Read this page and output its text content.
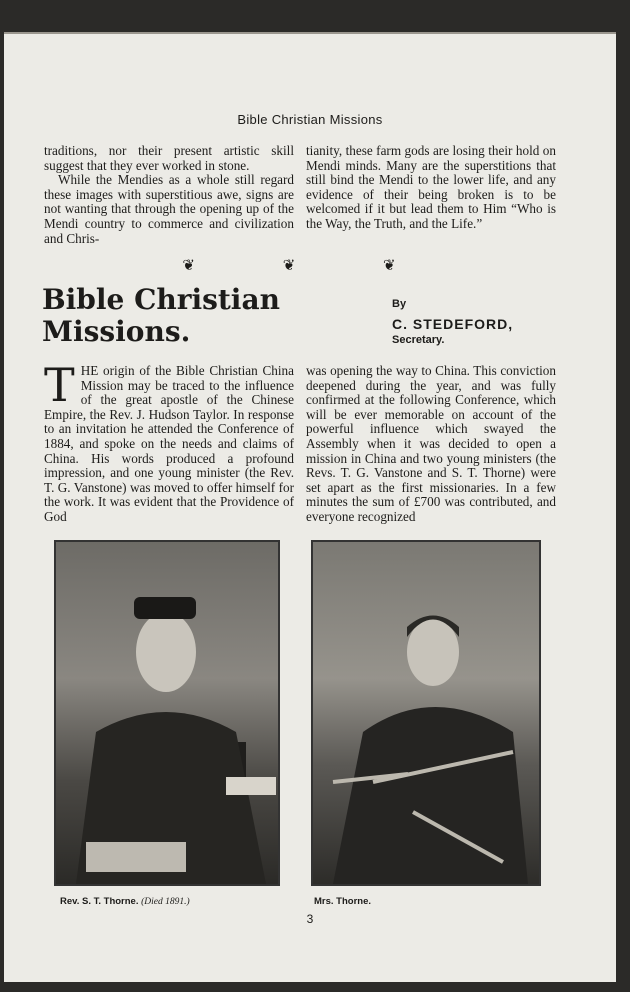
Bible Christian Missions

traditions, nor their present artistic skill suggest that they ever worked in stone.

While the Mendies as a whole still regard these images with superstitious awe, signs are not wanting that through the opening up of the Mendi country to commerce and civilization and Chris-

tianity, these farm gods are losing their hold on Mendi minds. Many are the superstitions that still bind the Mendi to the lower life, and any evidence of their being broken is to be welcomed if it but lead them to Him “Who is the Way, the Truth, and the Life.”

❦ ❦ ❦
Bible Christian
Missions.
By
C. STEDEFORD,
Secretary.

THE origin of the Bible Christian China Mission may be traced to the influence of the great apostle of the Chinese Empire, the Rev. J. Hudson Taylor. In response to an invitation he attended the Conference of 1884, and spoke on the needs and claims of China. His words produced a profound impression, and one young minister (the Rev. T. G. Vanstone) was moved to offer himself for the work. It was evident that the Providence of God

was opening the way to China. This conviction deepened during the year, and was fully confirmed at the following Conference, which will be ever memorable on account of the powerful influence which swayed the Assembly when it was decided to open a mission in China and two young ministers (the Revs. T. G. Vanstone and S. T. Thorne) were set apart as the first missionaries. In a few minutes the sum of £700 was contributed, and everyone recognized

Rev. S. T. Thorne. (Died 1891.)	Mrs. Thorne.
3
